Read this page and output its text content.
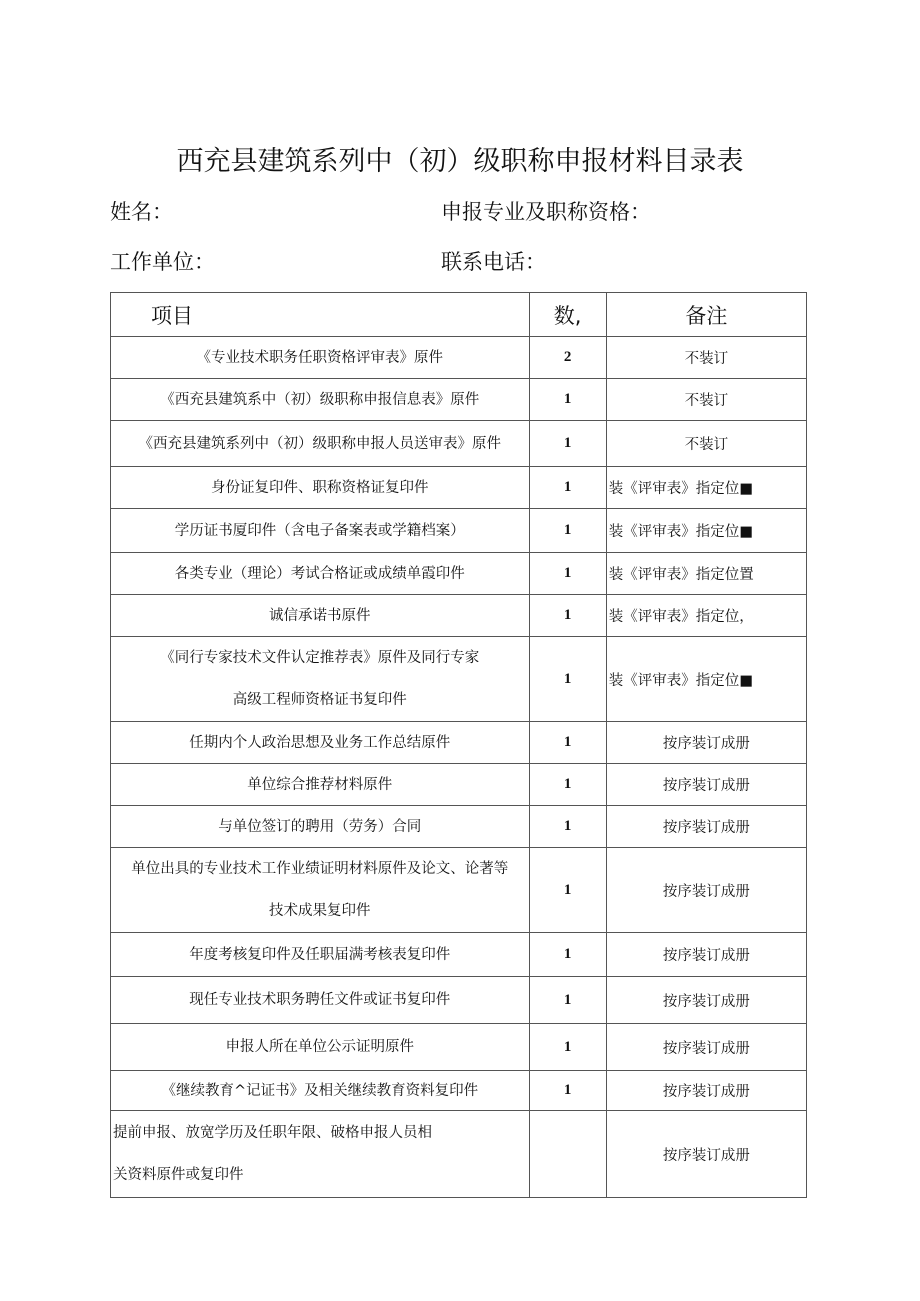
西充县建筑系列中（初）级职称申报材料目录表
姓名：	申报专业及职称资格：
工作单位：	联系电话：
项目	数,	备注

《专业技术职务任职资格评审表》原件	2	不装订

《西充县建筑系中（初）级职称申报信息表》原件	1	不装订

《西充县建筑系列中（初）级职称申报人员送审表》原件	1	不装订

身份证复印件、职称资格证复印件	1	装《评审表》指定位■

学历证书厦印件（含电子备案表或学籍档案）	1	装《评审表》指定位■

各类专业（理论）考试合格证或成绩单霞印件	1	装《评审表》指定位置

诚信承诺书原件	1	装《评审表》指定位，

《同行专家技术文件认定推荐表》原件及同行专家
高级工程师资格证书复印件	1	装《评审表》指定位■

任期内个人政治思想及业务工作总结原件	1	按序装订成册

单位综合推荐材料原件	1	按序装订成册

与单位签订的聘用（劳务）合同	1	按序装订成册

单位出具的专业技术工作业绩证明材料原件及论文、论著等
技术成果复印件	1	按序装订成册

年度考核复印件及任职届满考核表复印件	1	按序装订成册

现任专业技术职务聘任文件或证书复印件	1	按序装订成册

申报人所在单位公示证明原件	1	按序装订成册

《继续教育^记证书》及相关继续教育资料复印件	1	按序装订成册

提前申报、放宽学历及任职年限、破格申报人员相
关资料原件或复印件		按序装订成册
